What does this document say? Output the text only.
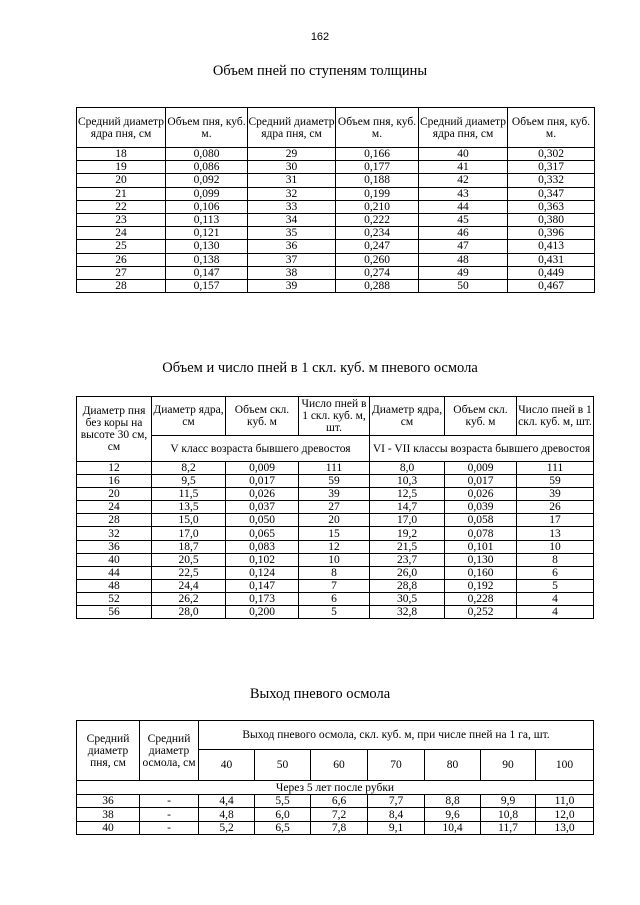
162
Объем пней по ступеням толщины
Средний диаметр ядра пня, см	Объем пня, куб. м.	Средний диаметр ядра пня, см	Объем пня, куб. м.	Средний диаметр ядра пня, см	Объем пня, куб. м.
18	0,080	29	0,166	40	0,302
19	0,086	30	0,177	41	0,317
20	0,092	31	0,188	42	0,332
21	0,099	32	0,199	43	0,347
22	0,106	33	0,210	44	0,363
23	0,113	34	0,222	45	0,380
24	0,121	35	0,234	46	0,396
25	0,130	36	0,247	47	0,413
26	0,138	37	0,260	48	0,431
27	0,147	38	0,274	49	0,449
28	0,157	39	0,288	50	0,467
Объем и число пней в 1 скл. куб. м пневого осмола
Диаметр пня без коры на высоте 30 см, см	Диаметр ядра, см	Объем скл. куб. м	Число пней в 1 скл. куб. м, шт.	Диаметр ядра, см	Объем скл. куб. м	Число пней в 1 скл. куб. м, шт.
	V класс возраста бывшего древостоя			VI - VII классы возраста бывшего древостоя		
12	8,2	0,009	111	8,0	0,009	111
16	9,5	0,017	59	10,3	0,017	59
20	11,5	0,026	39	12,5	0,026	39
24	13,5	0,037	27	14,7	0,039	26
28	15,0	0,050	20	17,0	0,058	17
32	17,0	0,065	15	19,2	0,078	13
36	18,7	0,083	12	21,5	0,101	10
40	20,5	0,102	10	23,7	0,130	8
44	22,5	0,124	8	26,0	0,160	6
48	24,4	0,147	7	28,8	0,192	5
52	26,2	0,173	6	30,5	0,228	4
56	28,0	0,200	5	32,8	0,252	4
Выход пневого осмола
Средний диаметр пня, см	Средний диаметр осмола, см	Выход пневого осмола, скл. куб. м, при числе пней на 1 га, шт.						
		40	50	60	70	80	90	100
Через 5 лет после рубки								
36	-	4,4	5,5	6,6	7,7	8,8	9,9	11,0
38	-	4,8	6,0	7,2	8,4	9,6	10,8	12,0
40	-	5,2	6,5	7,8	9,1	10,4	11,7	13,0
